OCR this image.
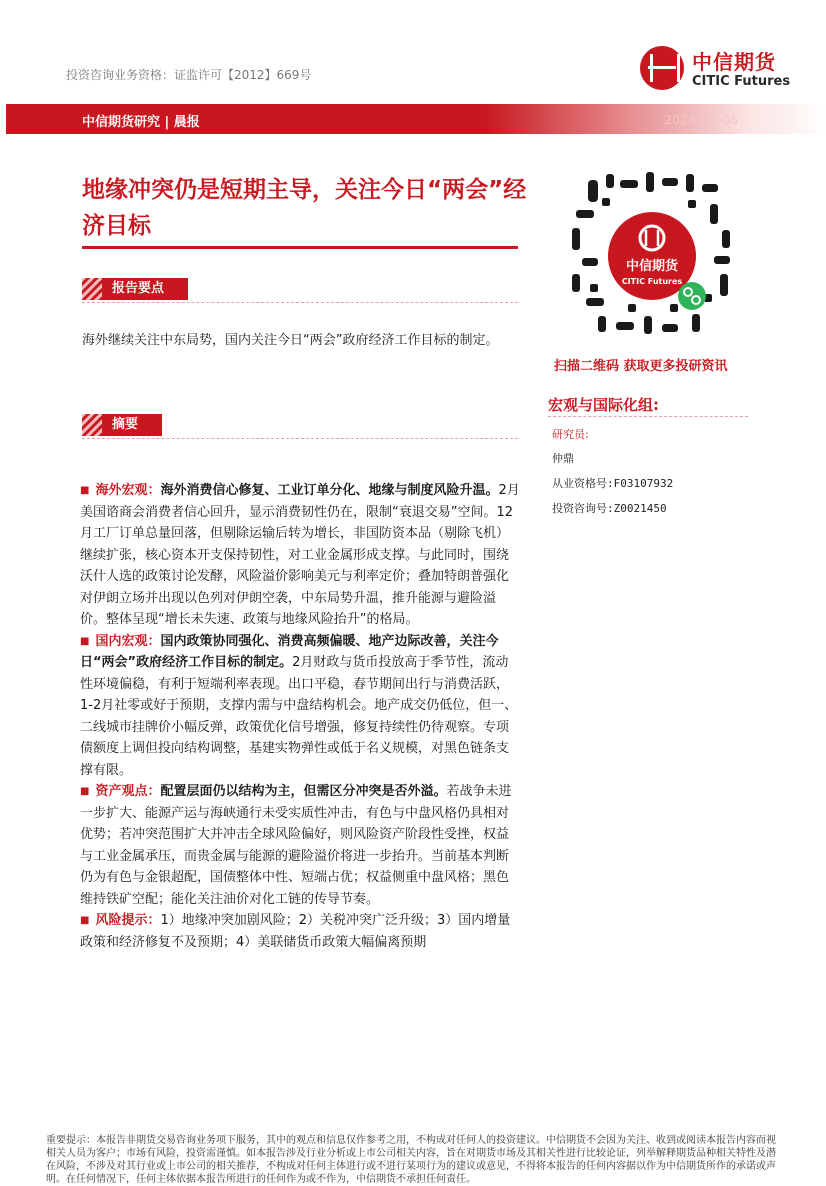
投资咨询业务资格：证监许可【2012】669号
中信期货
CITIC Futures
中信期货研究 | 晨报	2026-03-05
地缘冲突仍是短期主导，关注今日“两会”经济目标
报告要点
海外继续关注中东局势，国内关注今日“两会”政府经济工作目标的制定。
摘要

■ 海外宏观：海外消费信心修复、工业订单分化、地缘与制度风险升温。2月美国谘商会消费者信心回升，显示消费韧性仍在，限制“衰退交易”空间。12月工厂订单总量回落，但剔除运输后转为增长，非国防资本品（剔除飞机）继续扩张，核心资本开支保持韧性，对工业金属形成支撑。与此同时，围绕沃什人选的政策讨论发酵，风险溢价影响美元与利率定价；叠加特朗普强化对伊朗立场并出现以色列对伊朗空袭，中东局势升温，推升能源与避险溢价。整体呈现“增长未失速、政策与地缘风险抬升”的格局。

■ 国内宏观：国内政策协同强化、消费高频偏暖、地产边际改善，关注今日“两会”政府经济工作目标的制定。2月财政与货币投放高于季节性，流动性环境偏稳，有利于短端利率表现。出口平稳，春节期间出行与消费活跃，1-2月社零或好于预期，支撑内需与中盘结构机会。地产成交仍低位，但一、二线城市挂牌价小幅反弹，政策优化信号增强，修复持续性仍待观察。专项债额度上调但投向结构调整，基建实物弹性或低于名义规模，对黑色链条支撑有限。

■ 资产观点：配置层面仍以结构为主，但需区分冲突是否外溢。若战争未进一步扩大、能源产运与海峡通行未受实质性冲击，有色与中盘风格仍具相对优势；若冲突范围扩大并冲击全球风险偏好，则风险资产阶段性受挫，权益与工业金属承压，而贵金属与能源的避险溢价将进一步抬升。当前基本判断仍为有色与金银超配，国债整体中性、短端占优；权益侧重中盘风格；黑色维持铁矿空配；能化关注油价对化工链的传导节奏。

■ 风险提示：1）地缘冲突加剧风险；2）关税冲突广泛升级；3）国内增量政策和经济修复不及预期；4）美联储货币政策大幅偏离预期

中信期货
CITIC Futures
扫描二维码 获取更多投研资讯
宏观与国际化组:
研究员:
仲鼎
从业资格号:F03107932
投资咨询号:Z0021450
重要提示：本报告非期货交易咨询业务项下服务，其中的观点和信息仅作参考之用，不构成对任何人的投资建议。中信期货不会因为关注、收到或阅读本报告内容而视相关人员为客户；市场有风险，投资需谨慎。如本报告涉及行业分析或上市公司相关内容，旨在对期货市场及其相关性进行比较论证，列举解释期货品种相关特性及潜在风险，不涉及对其行业或上市公司的相关推荐，不构成对任何主体进行或不进行某项行为的建议或意见，不得将本报告的任何内容据以作为中信期货所作的承诺或声明。在任何情况下，任何主体依据本报告所进行的任何作为或不作为，中信期货不承担任何责任。
